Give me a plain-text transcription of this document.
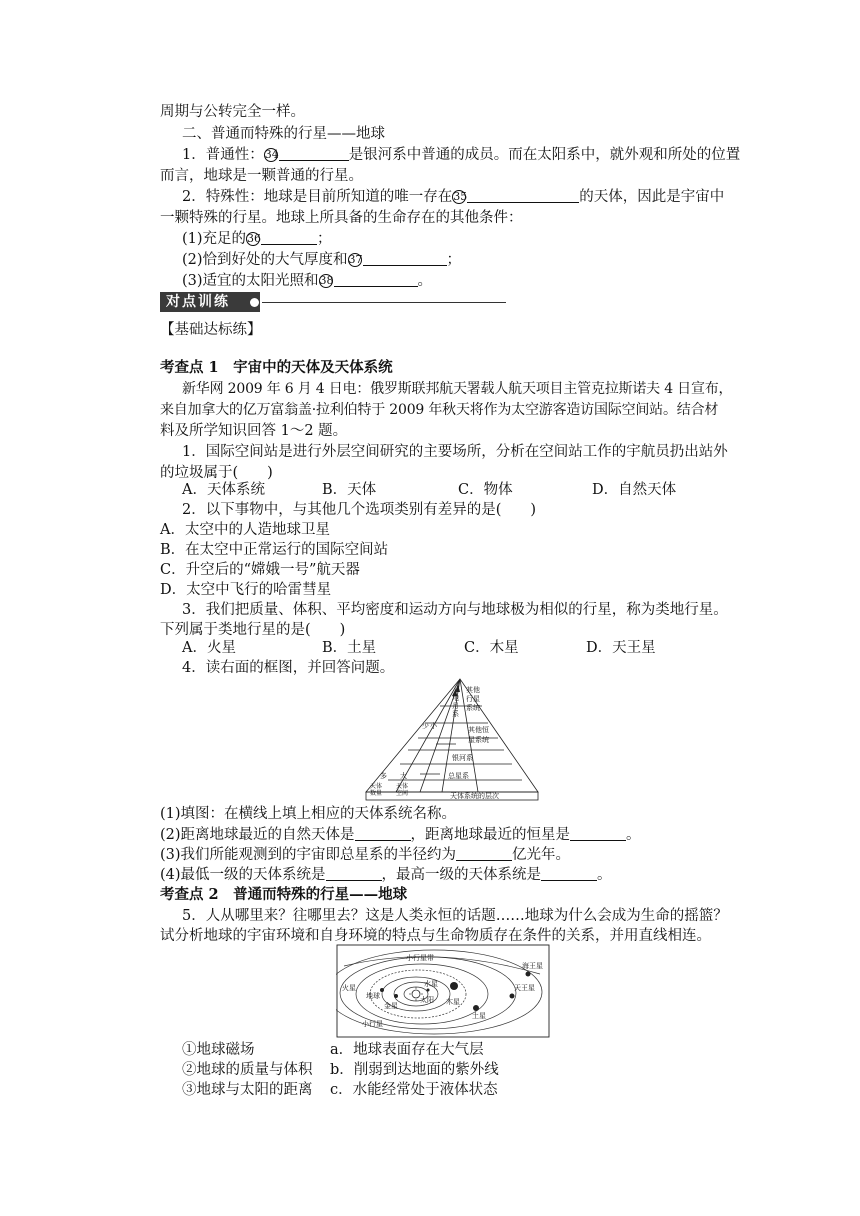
周期与公转完全一样。
二、普通而特殊的行星——地球
1．普通性：34	是银河系中普通的成员。而在太阳系中，就外观和所处的位置
而言，地球是一颗普通的行星。
2．特殊性：地球是目前所知道的唯一存在35	的天体，因此是宇宙中
一颗特殊的行星。地球上所具备的生命存在的其他条件：
(1)充足的36	；
(2)恰到好处的大气厚度和37	；
(3)适宜的太阳光照和38	。
对点训练
【基础达标练】
考查点 1　宇宙中的天体及天体系统
新华网 2009 年 6 月 4 日电：俄罗斯联邦航天署载人航天项目主管克拉斯诺夫 4 日宣布，
来自加拿大的亿万富翁盖·拉利伯特于 2009 年秋天将作为太空游客造访国际空间站。结合材
料及所学知识回答 1～2 题。
1．国际空间站是进行外层空间研究的主要场所，分析在空间站工作的宇航员扔出站外
的垃圾属于(　　)
A．天体系统	B．天体	C．物体	D．自然天体
2．以下事物中，与其他几个选项类别有差异的是(　　)
A．太空中的人造地球卫星
B．在太空中正常运行的国际空间站
C．升空后的“嫦娥一号”航天器
D．太空中飞行的哈雷彗星
3．我们把质量、体积、平均密度和运动方向与地球极为相似的行星，称为类地行星。
下列属于类地行星的是(　　)
A．火星	B．土星	C．木星	D．天王星
4．读右面的框图，并回答问题。
其他
行星
系统
地
月
系
其他恒
星系统
银河系
总星系
少 小
多 大
天体
数量
天体
空间	天体系统的层次
(1)填图：在横线上填上相应的天体系统名称。
(2)距离地球最近的自然天体是	，距离地球最近的恒星是	。
(3)我们所能观测到的宇宙即总星系的半径约为	亿光年。
(4)最低一级的天体系统是	，最高一级的天体系统是	。
考查点 2　普通而特殊的行星——地球
5．人从哪里来？往哪里去？这是人类永恒的话题……地球为什么会成为生命的摇篮？
试分析地球的宇宙环境和自身环境的特点与生命物质存在条件的关系，并用直线相连。
海王星
天王星
土星
木星
火星
地球
金星
水星
太阳
小行星
小行星带
①地球磁场	a．地球表面存在大气层
②地球的质量与体积 b．削弱到达地面的紫外线
③地球与太阳的距离 c．水能经常处于液体状态
